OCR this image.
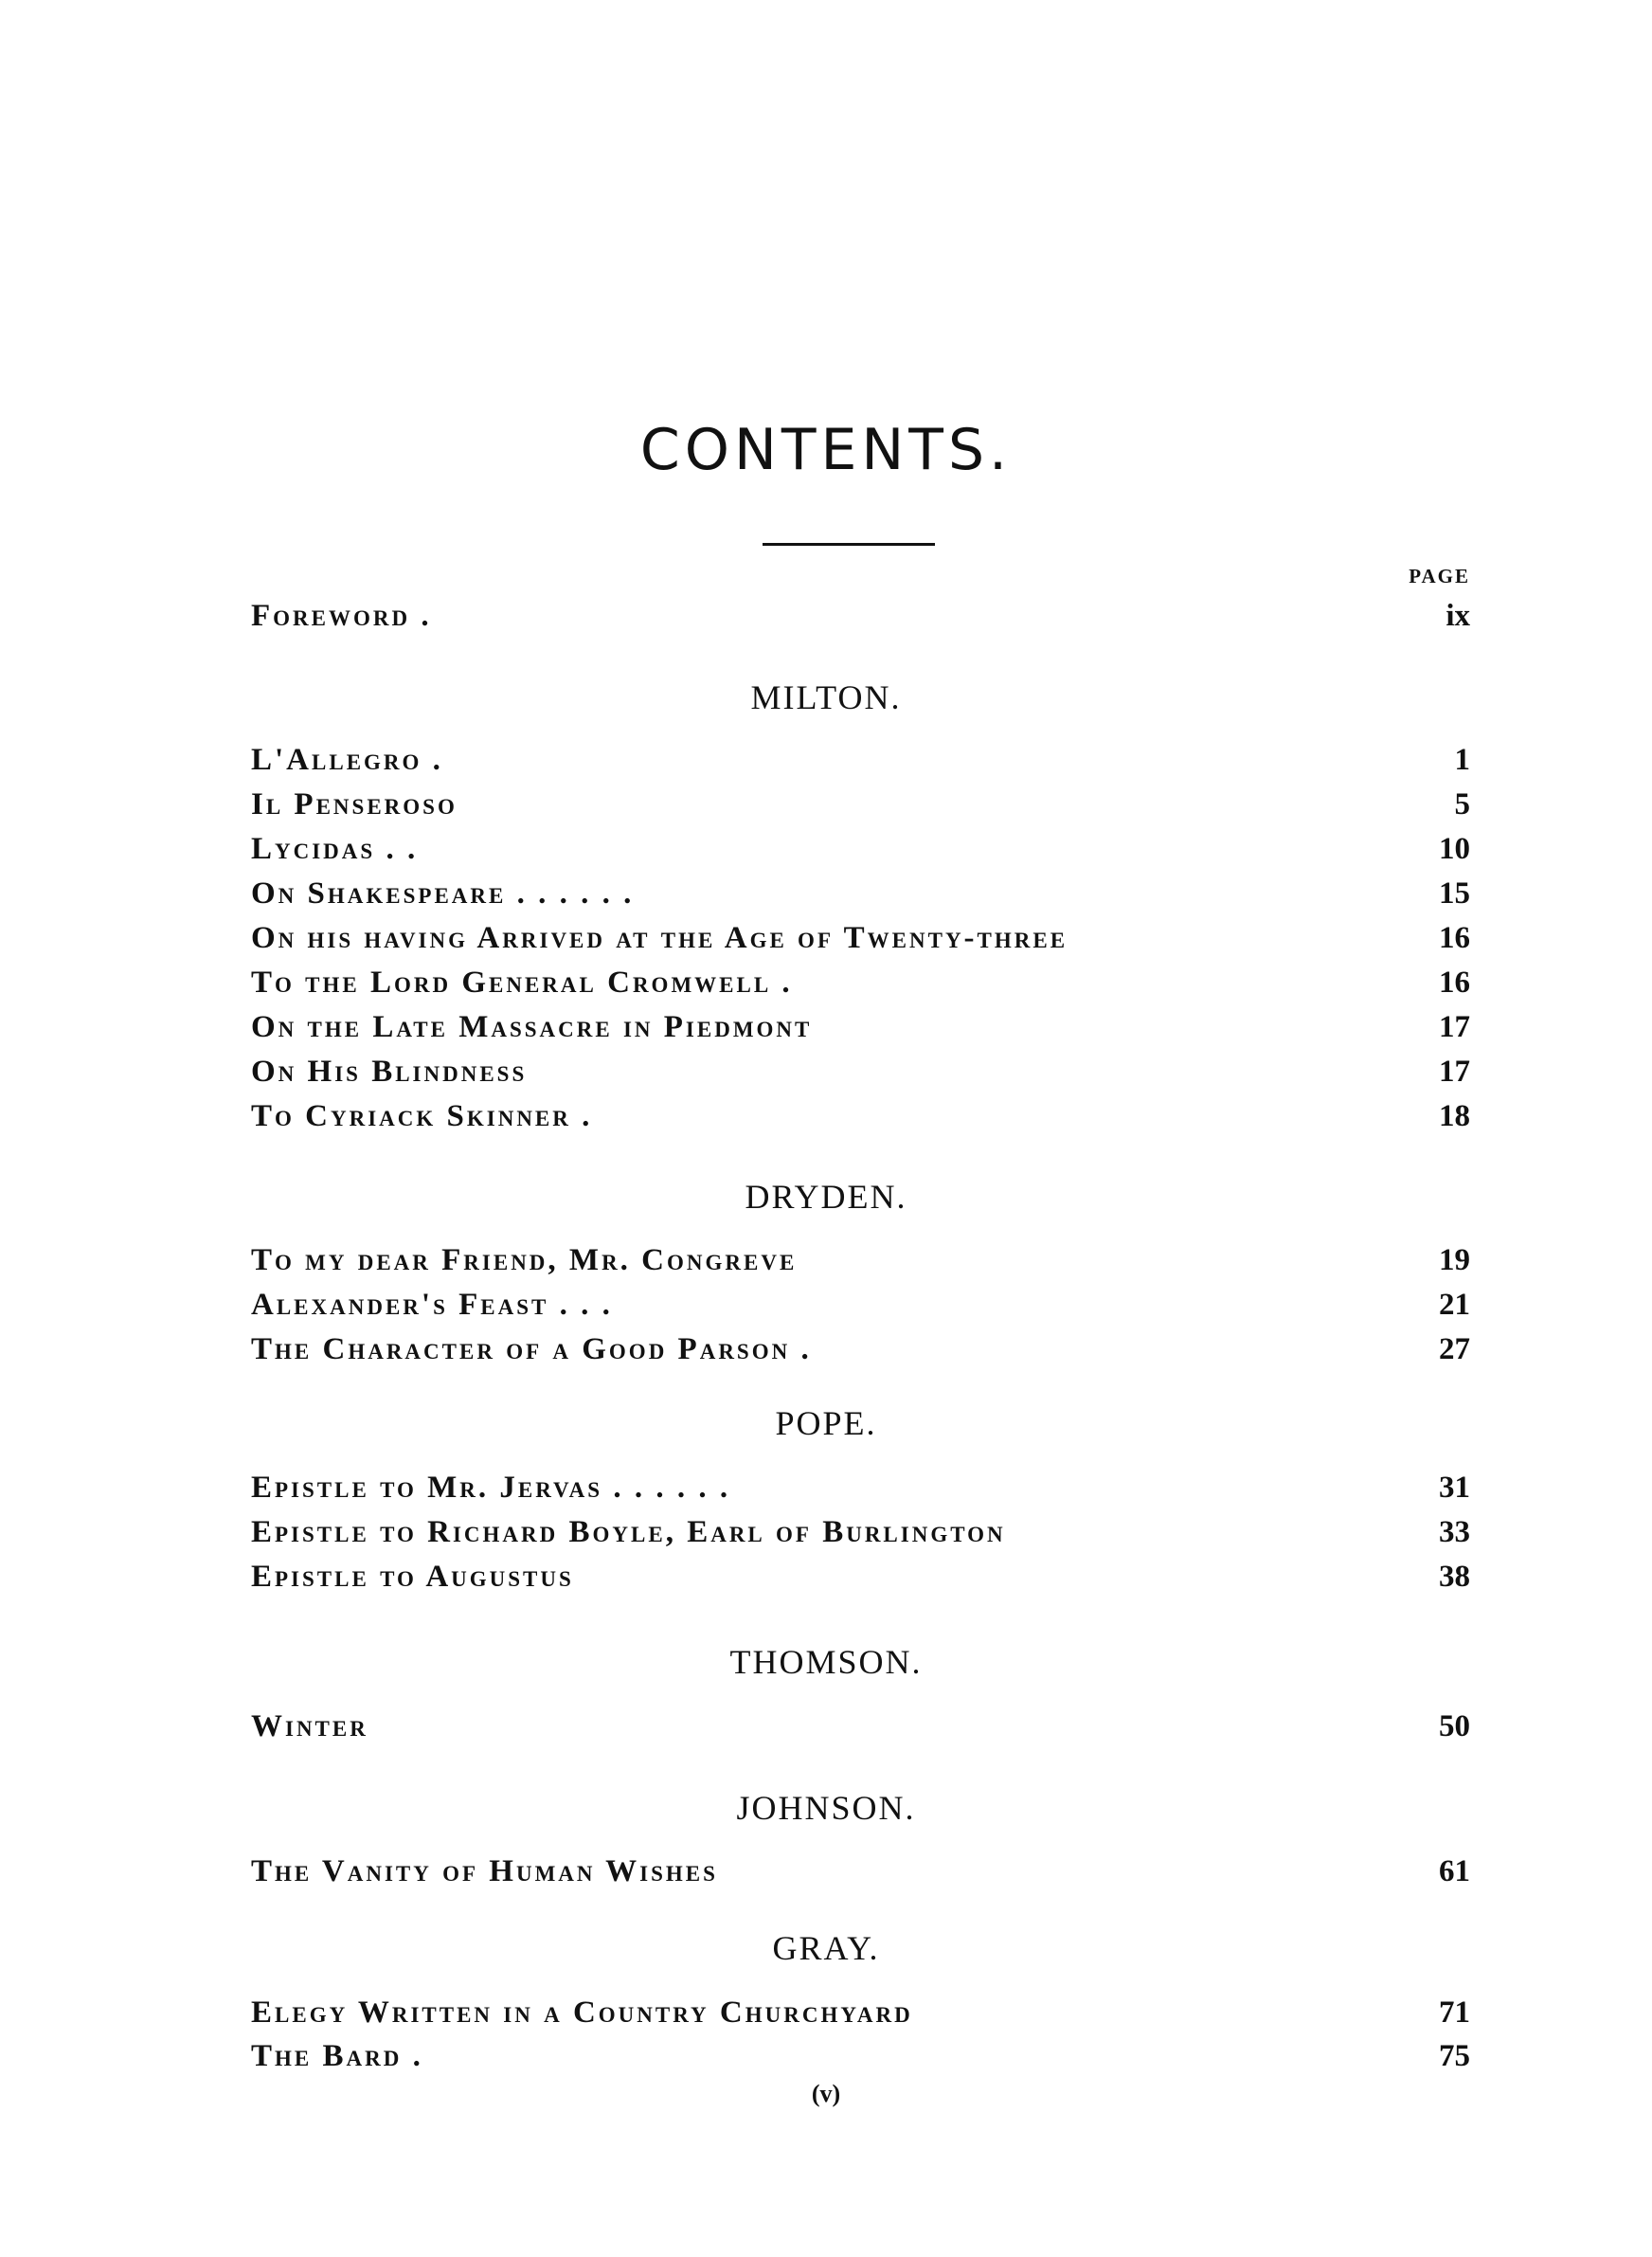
CONTENTS.
PAGE
Foreword .	ix
MILTON.
L'Allegro .	1
Il Penseroso	5
Lycidas . .	10
On Shakespeare . . . . . .	15
On his having Arrived at the Age of Twenty-three	16
To the Lord General Cromwell .	16
On the Late Massacre in Piedmont	17
On His Blindness	17
To Cyriack Skinner .	18
DRYDEN.
To my dear Friend, Mr. Congreve	19
Alexander's Feast . . .	21
The Character of a Good Parson .	27
POPE.
Epistle to Mr. Jervas . . . . . .	31
Epistle to Richard Boyle, Earl of Burlington	33
Epistle to Augustus	38
THOMSON.
Winter	50
JOHNSON.
The Vanity of Human Wishes	61
GRAY.
Elegy Written in a Country Churchyard	71
The Bard .	75
(v)
